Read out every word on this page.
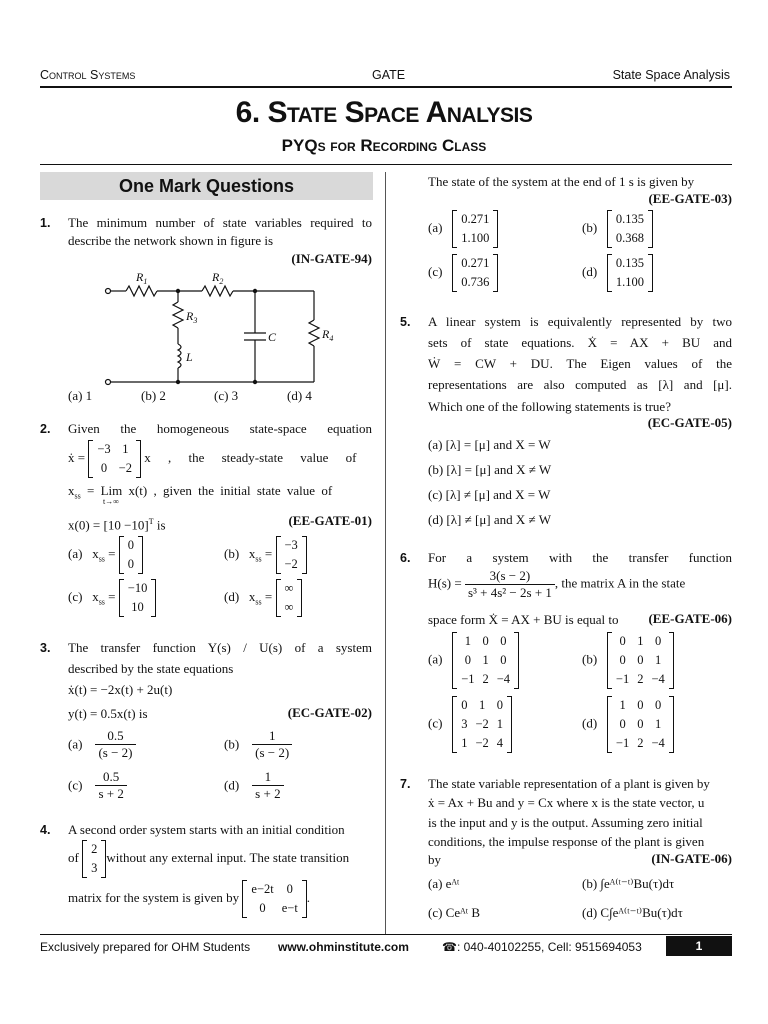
Control Systems	GATE	State Space Analysis
6. State Space Analysis
PYQs for Recording Class
One Mark Questions
1. The minimum number of state variables required to describe the network shown in figure is
(IN-GATE-94)
$R_1$	$R_2$
$R_3$
$R_4$
L
C
(a) 1	(b) 2	(c) 3	(d) 4
2. Given the homogeneous state-space equation
ẋ =
−3	1
0	−2
x , the steady-state value of
$x_{ss}$ = Lim x(t) , given the initial state value of
t→∞
$x(0) = [10 -10]^T$ is	(EE-GATE-01)
(a) $x_{ss}$ =
0
0
(b) $x_{ss}$ =
−3
−2
(c) $x_{ss}$ =
−10
10
(d) $x_{ss}$ =
∞
∞
3. The transfer function Y(s) / U(s) of a system
described by the state equations
ẋ(t) = −2x(t) + 2u(t)
y(t) = 0.5x(t) is	(EC-GATE-02)
$(a) \frac{0.5}{(s - 2)}$	$(b) \frac{1}{(s - 2)}$
$(c) \frac{0.5}{s + 2}$	$(d) \frac{1}{s + 2}$
4. A second order system starts with an initial condition
of
2
3
without any external input. The state transition
matrix for the system is given by
e−2t	0
0	e−t
.
The state of the system at the end of 1 s is given by
(EE-GATE-03)
(a)
0.271
1.100
(b)
0.135
0.368
(c)
0.271
0.736
(d)
0.135
1.100
5. A linear system is equivalently represented by two
sets of state equations. Ẋ = AX + BU and
Ẇ = CW + DU. The Eigen values of the
representations are also computed as [λ] and [μ].
Which one of the following statements is true?
(EC-GATE-05)
(a) [λ] = [μ] and X = W
(b) [λ] = [μ] and X ≠ W
(c) [λ] ≠ [μ] and X = W
(d) [λ] ≠ [μ] and X ≠ W
6. For a system with the transfer function
$H(s) = \frac{3(s - 2)}{\text{s³ + 4s² − 2s + 1}}$ , the matrix A in the state
space form Ẋ = AX + BU is equal to	(EE-GATE-06)
(a)
1	0	0
0	1	0
−1	2	−4
(b)
0	1	0
0	0	1
−1	2	−4
(c)
0	1	0
3	−2	1
1	−2	4
(d)
1	0	0
0	0	1
−1	2	−4
7. The state variable representation of a plant is given by
ẋ = Ax + Bu and y = Cx where x is the state vector, u
is the input and y is the output. Assuming zero initial
conditions, the impulse response of the plant is given
by	(IN-GATE-06)
(a) eᴬᵗ	(b) ∫eᴬ⁽ᵗ⁻ᵗ⁾Bu(τ)dτ
(c) Ceᴬᵗ B	(d) C∫eᴬ⁽ᵗ⁻ᵗ⁾Bu(τ)dτ
Exclusively prepared for OHM Students www.ohminstitute.com	☎: 040-40102255, Cell: 9515694053	1
